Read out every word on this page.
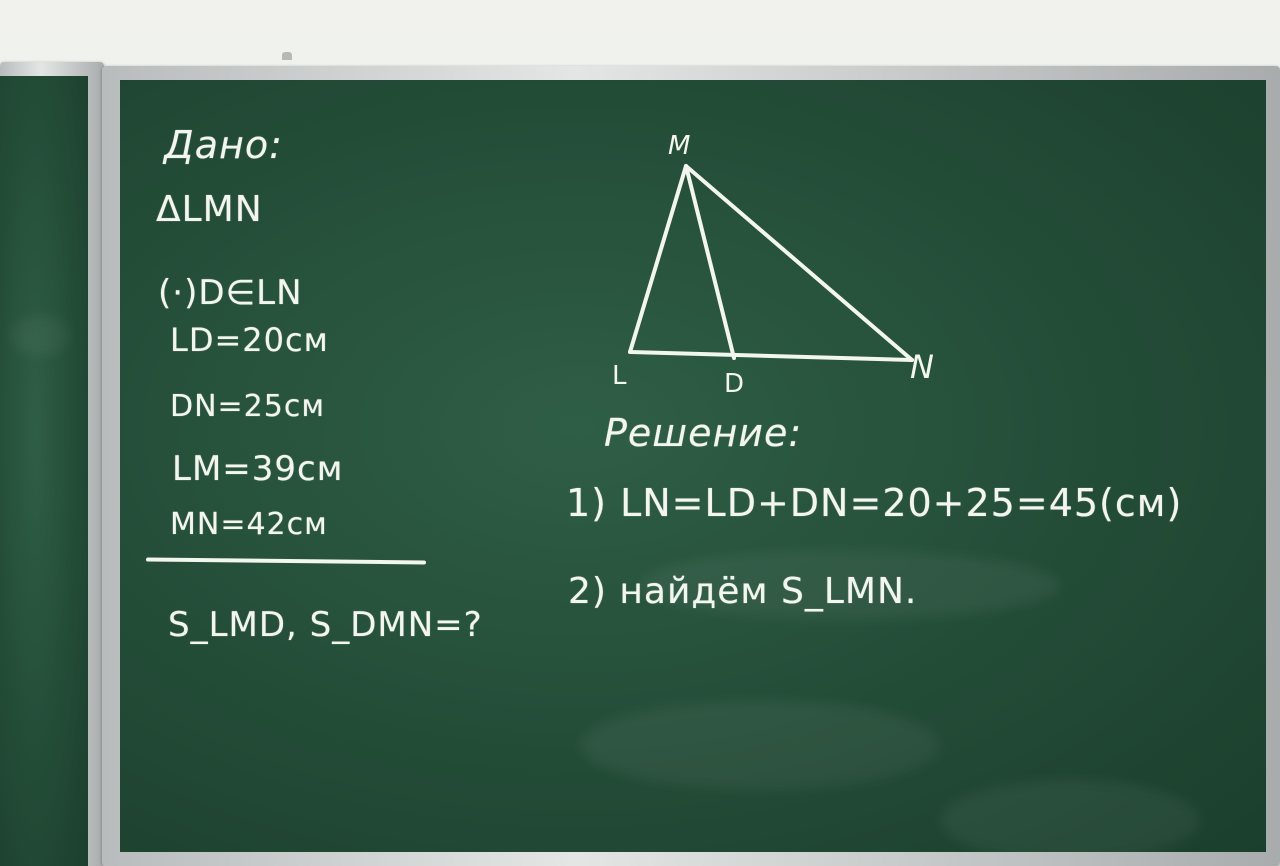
Дано:
ΔLMN
(·)D∈LN
LD=20см
DN=25см
LM=39см
MN=42см
S_LMD, S_DMN=?
M
L	D	N
Решение:
1) LN=LD+DN=20+25=45(см)
2) найдём S_LMN.
